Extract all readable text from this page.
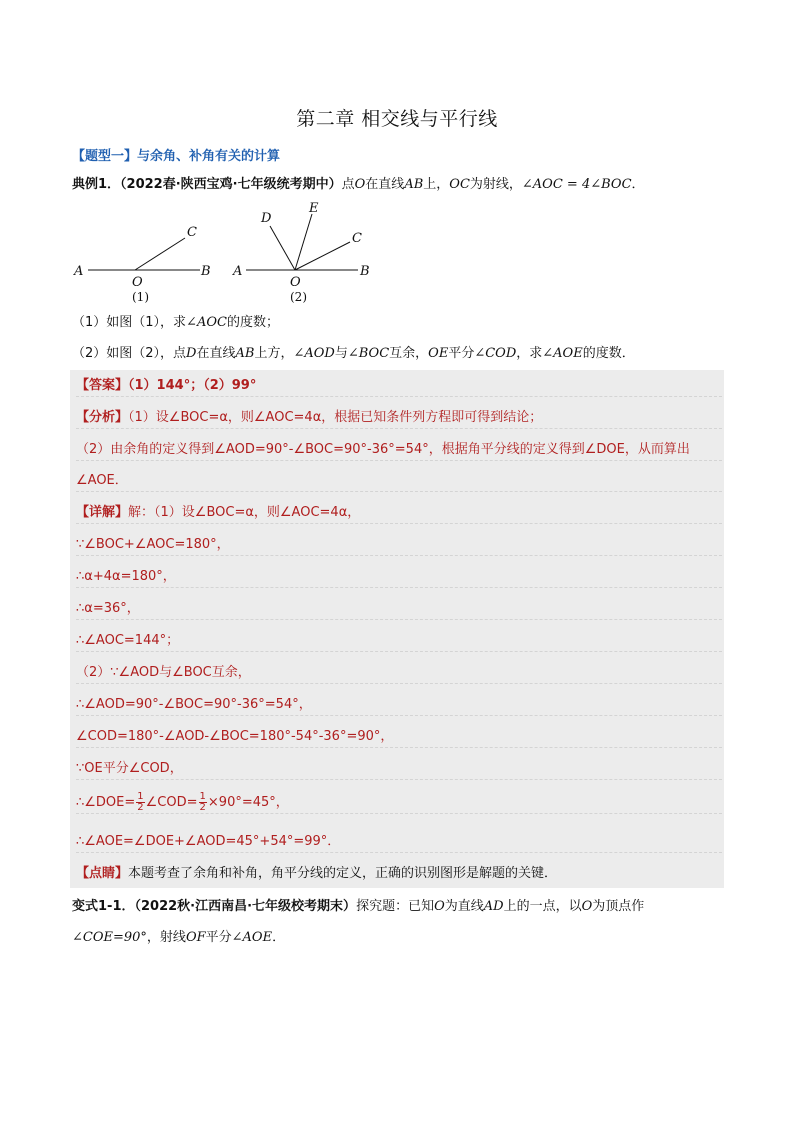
第二章 相交线与平行线
【题型一】与余角、补角有关的计算
典例1．（2022春·陕西宝鸡·七年级统考期中）点O在直线AB上，OC为射线，∠AOC = 4∠BOC．
A
O
B
C
(1)
A
O
B
C
D
E
(2)
（1）如图（1），求∠AOC的度数；
（2）如图（2），点D在直线AB上方，∠AOD与∠BOC互余，OE平分∠COD，求∠AOE的度数．
【答案】（1）144°；（2）99°
【分析】（1）设∠BOC=α，则∠AOC=4α，根据已知条件列方程即可得到结论；
（2）由余角的定义得到∠AOD=90°-∠BOC=90°-36°=54°，根据角平分线的定义得到∠DOE，从而算出
∠AOE．
【详解】解：（1）设∠BOC=α，则∠AOC=4α，
∵∠BOC+∠AOC=180°，
∴α+4α=180°，
∴α=36°，
∴∠AOC=144°；
（2）∵∠AOD与∠BOC互余，
∴∠AOD=90°-∠BOC=90°-36°=54°，
∠COD=180°-∠AOD-∠BOC=180°-54°-36°=90°，
∵OE平分∠COD，
∴∠DOE= $\frac{1}{2}$ ∠COD= $\frac{1}{2} \times 90^\circ=45^\circ$，
∴∠AOE=∠DOE+∠AOD=45°+54°=99°．
【点睛】本题考查了余角和补角，角平分线的定义，正确的识别图形是解题的关键．
变式1-1．（2022秋·江西南昌·七年级校考期末）探究题：已知O为直线AD上的一点，以O为顶点作
∠COE=90°，射线OF平分∠AOE．
